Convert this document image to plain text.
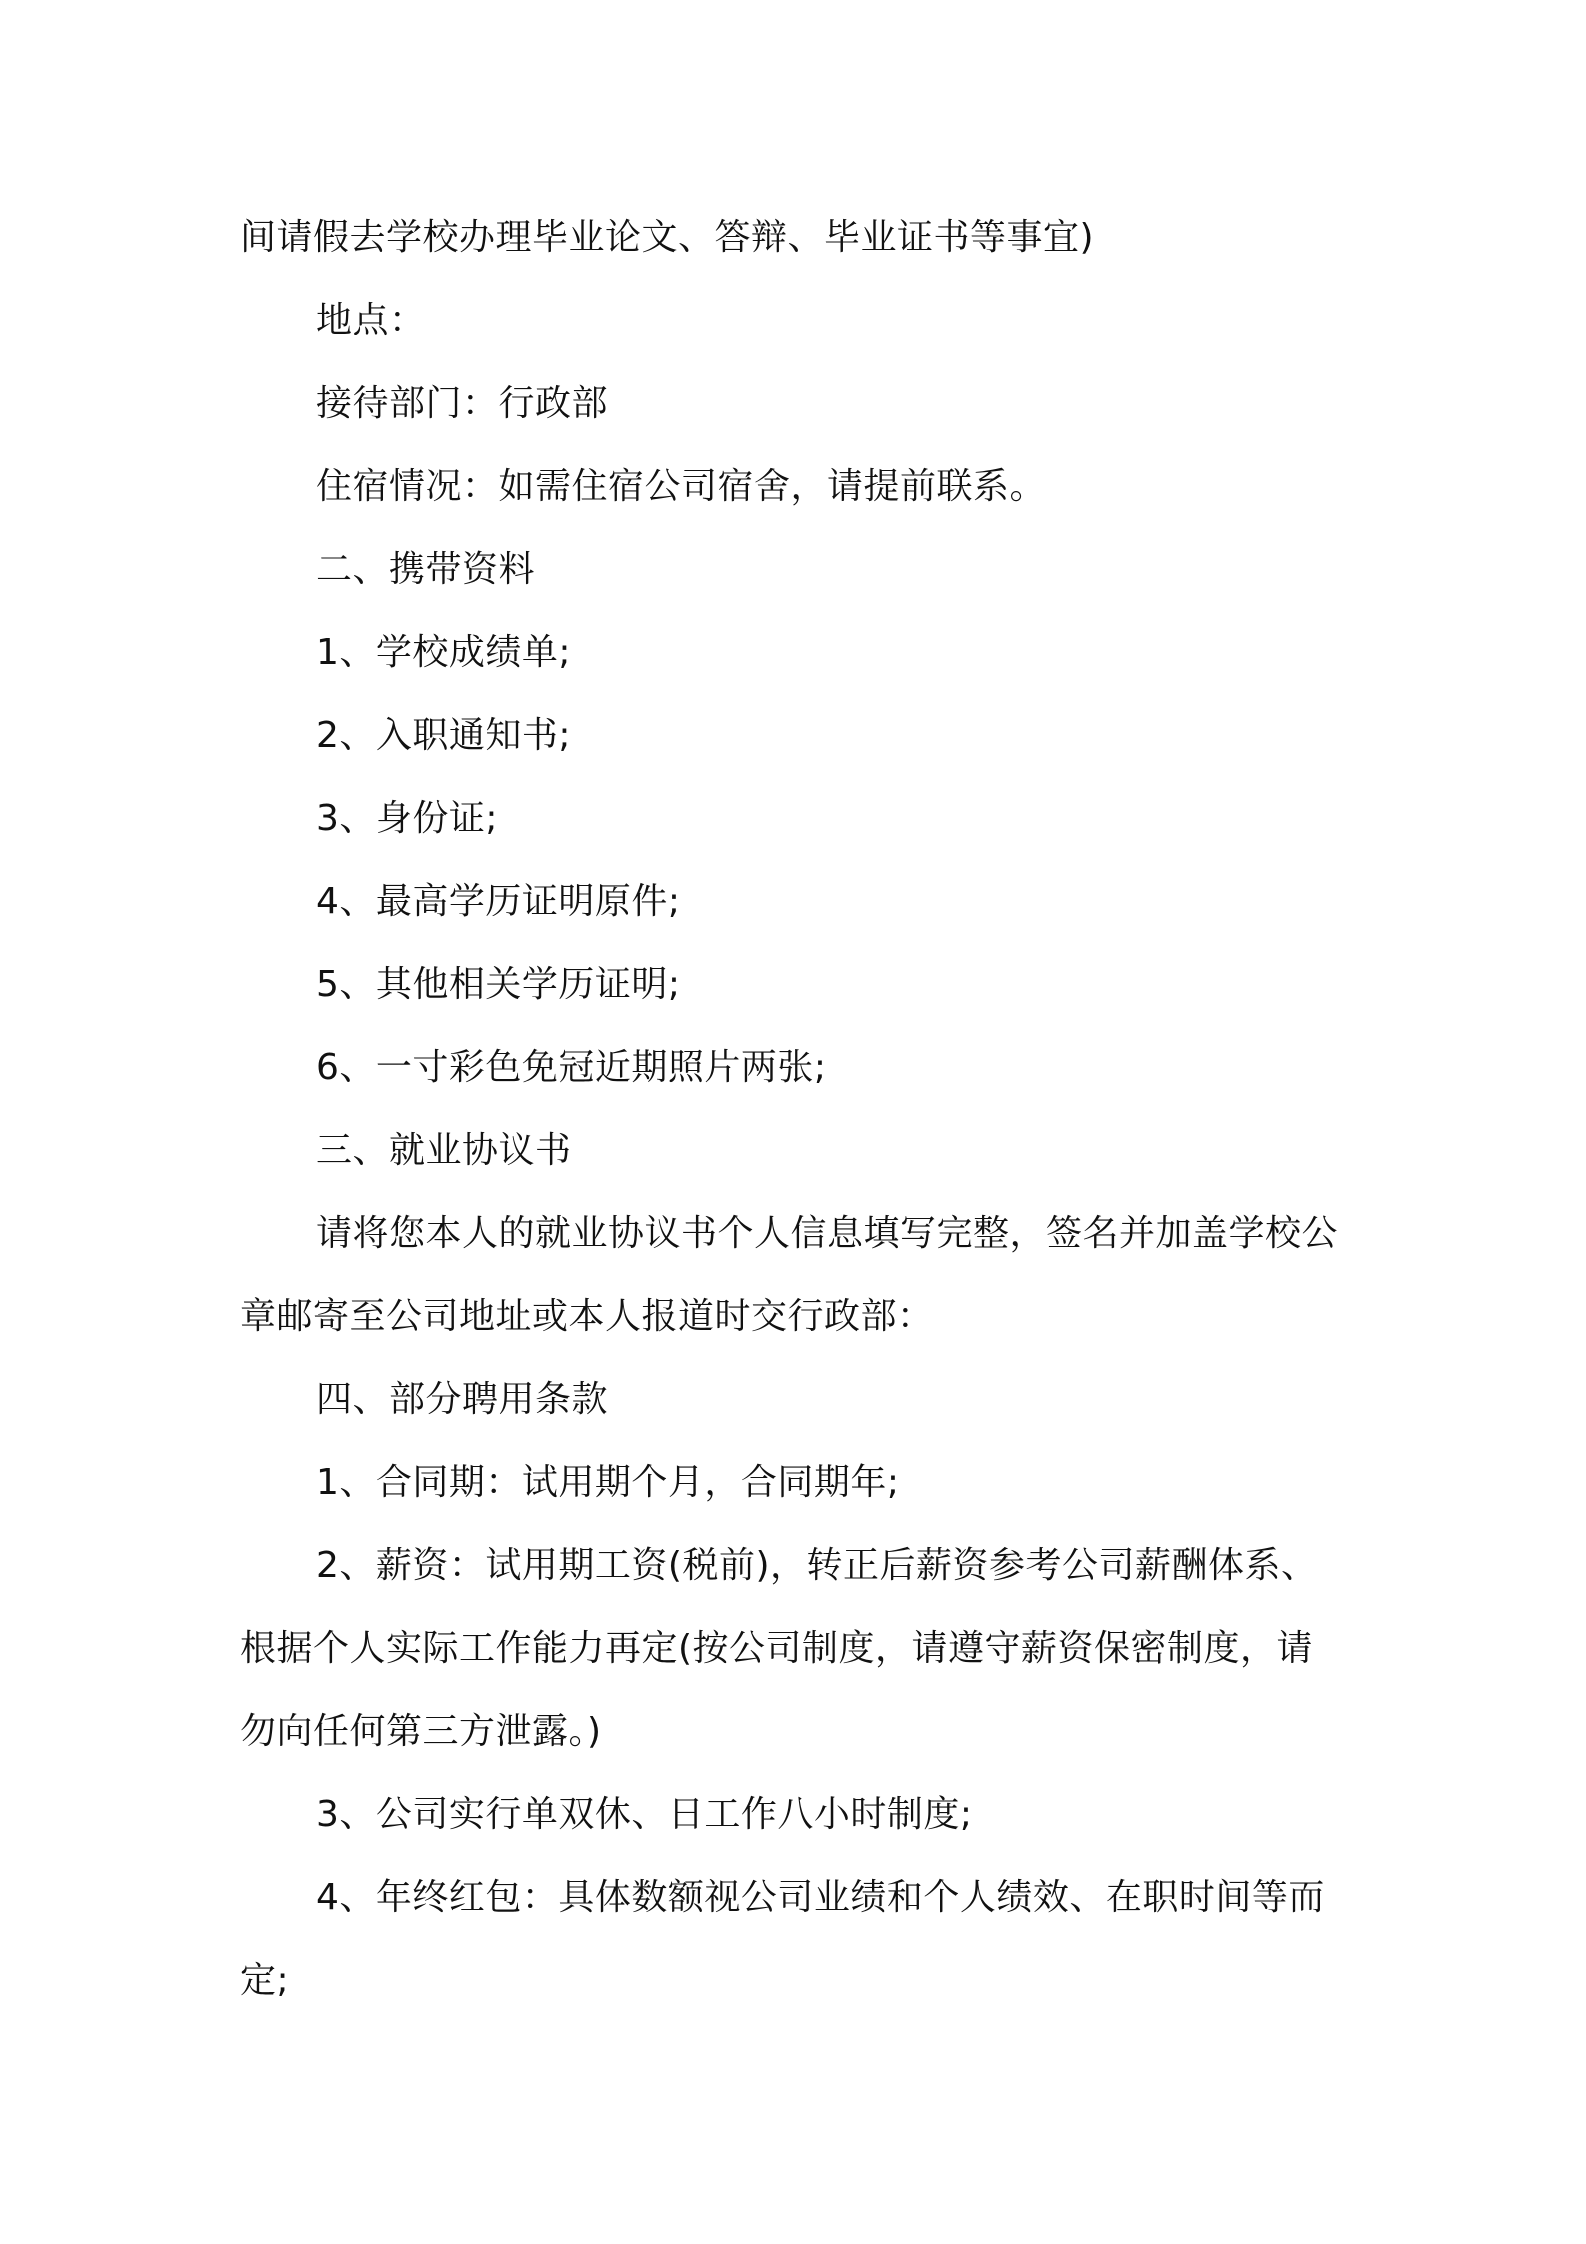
间请假去学校办理毕业论文、答辩、毕业证书等事宜)
地点：
接待部门：行政部
住宿情况：如需住宿公司宿舍，请提前联系。
二、携带资料
1、学校成绩单;
2、入职通知书;
3、身份证;
4、最高学历证明原件;
5、其他相关学历证明;
6、一寸彩色免冠近期照片两张;
三、就业协议书
请将您本人的就业协议书个人信息填写完整，签名并加盖学校公
章邮寄至公司地址或本人报道时交行政部：
四、部分聘用条款
1、合同期：试用期个月，合同期年;
2、薪资：试用期工资(税前)，转正后薪资参考公司薪酬体系、
根据个人实际工作能力再定(按公司制度，请遵守薪资保密制度，请
勿向任何第三方泄露。)
3、公司实行单双休、日工作八小时制度;
4、年终红包：具体数额视公司业绩和个人绩效、在职时间等而
定;
